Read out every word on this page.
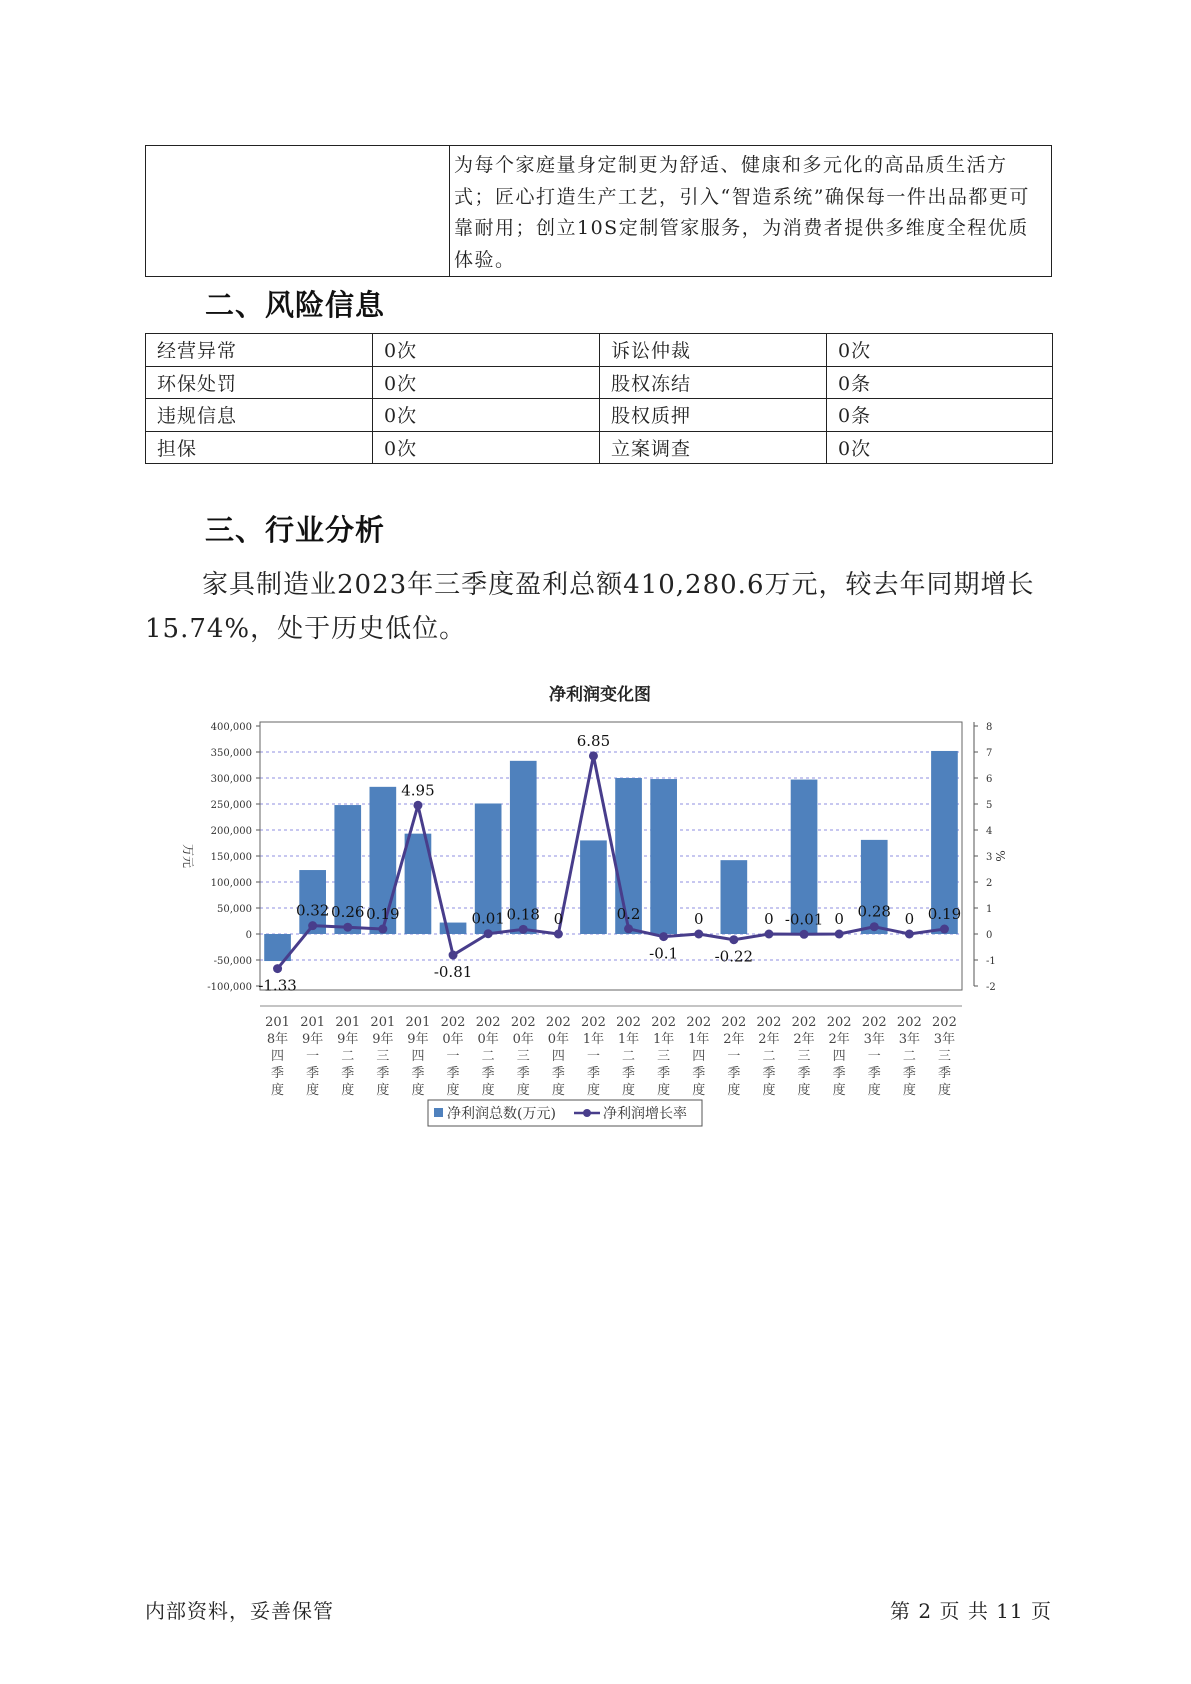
为每个家庭量身定制更为舒适、健康和多元化的高品质生活方式；匠心打造生产工艺，引入“智造系统”确保每一件出品都更可靠耐用；创立10S定制管家服务，为消费者提供多维度全程优质体验。
二、风险信息
经营异常	0次	诉讼仲裁	0次
环保处罚	0次	股权冻结	0条
违规信息	0次	股权质押	0条
担保	0次	立案调查	0次
三、行业分析
家具制造业2023年三季度盈利总额410,280.6万元，较去年同期增长
15.74%，处于历史低位。
净利润变化图
400,000
350,000
300,000
250,000
200,000
150,000
100,000
50,000
0
-50,000
-100,000
8
7
6
5
4
3
2
1
0
-1
-2
万元	%
-1.33
0.32 0.26 0.19
4.95
-0.81
0.01 0.18 0
6.85
0.2
-0.1
0
-0.22
0 -0.01 0 0.28 0 0.19
201 8年四季度
201 9年一季度
201 9年二季度
201 9年三季度
201 9年四季度
202 0年一季度
202 0年二季度
202 0年三季度
202 0年四季度
202 1年一季度
202 1年二季度
202 1年三季度
202 1年四季度
202 2年一季度
202 2年二季度
202 2年三季度
202 2年四季度
202 3年一季度
202 3年二季度
202 3年三季度
净利润总数(万元)	净利润增长率
内部资料，妥善保管	第 2 页 共 11 页
